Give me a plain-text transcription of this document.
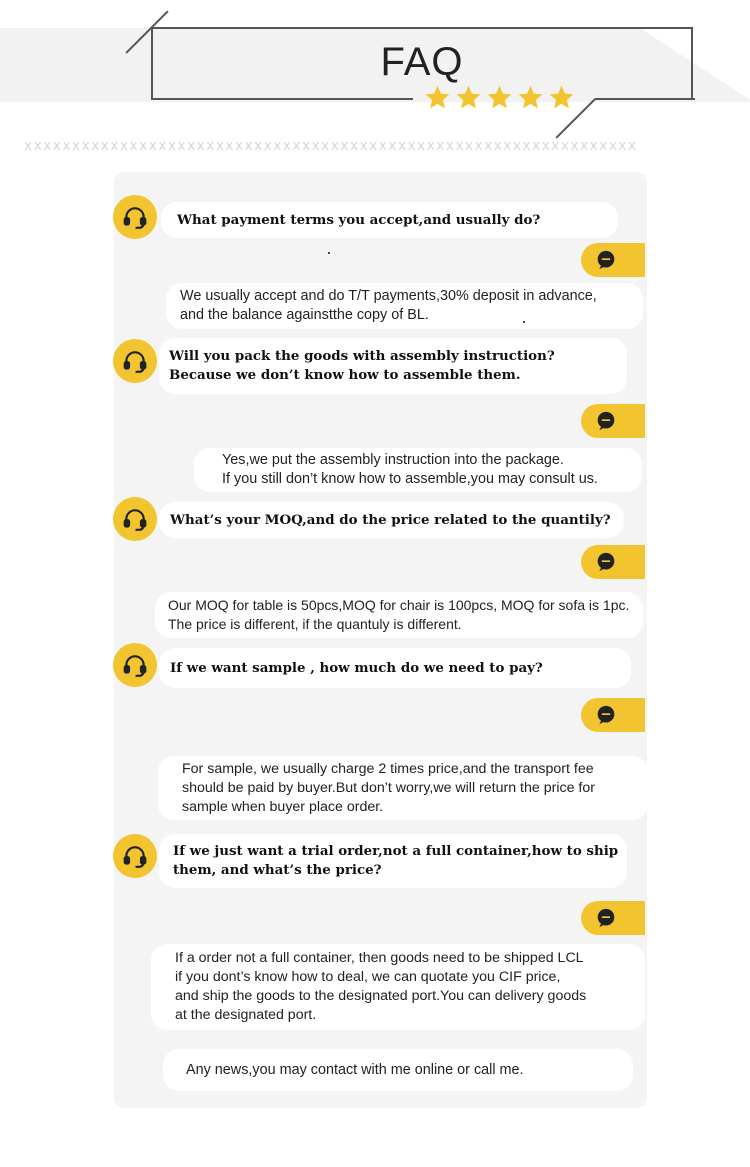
FAQ
xxxxxxxxxxxxxxxxxxxxxxxxxxxxxxxxxxxxxxxxxxxxxxxxxxxxxxxxxxxxxxxx
What payment terms you accept,and usually do?
We usually accept and do T/T payments,30% deposit in advance,
and the balance againstthe copy of BL.
Will you pack the goods with assembly instruction?
Because we don’t know how to assemble them.
Yes,we put the assembly instruction into the package.
If you still don’t know how to assemble,you may consult us.
What’s your MOQ,and do the price related to the quantily?
Our MOQ for table is 50pcs,MOQ for chair is 100pcs, MOQ for sofa is 1pc.
The price is different, if the quantuly is different.
If we want sample , how much do we need to pay?
For sample, we usually charge 2 times price,and the transport fee
should be paid by buyer.But don’t worry,we will return the price for
sample when buyer place order.
If we just want a trial order,not a full container,how to ship
them, and what’s the price?
If a order not a full container, then goods need to be shipped LCL
if you dont’s know how to deal, we can quotate you CIF price,
and ship the goods to the designated port.You can delivery goods
at the designated port.
Any news,you may contact with me online or call me.
